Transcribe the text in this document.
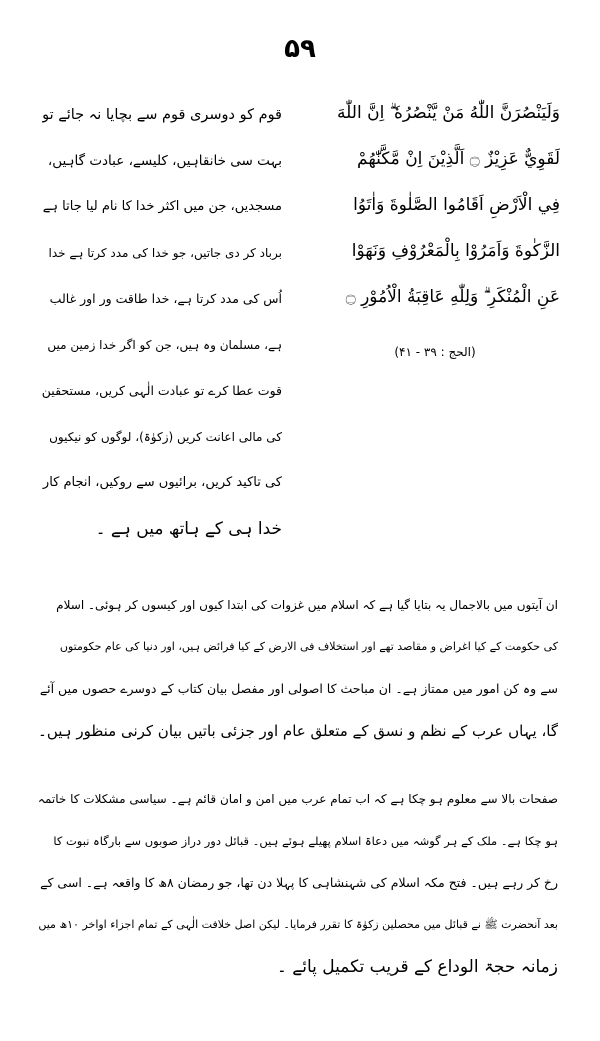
۵۹
وَلَيَنْصُرَنَّ اللّٰهُ مَنْ يَّنْصُرُهٗ ۗ اِنَّ اللّٰهَ
لَقَوِيٌّ عَزِيْزٌ ۝ اَلَّذِيْنَ اِنْ مَّكَّنّٰهُمْ
فِي الْاَرْضِ اَقَامُوا الصَّلٰوةَ وَاٰتَوُا
الزَّكٰوةَ وَاَمَرُوْا بِالْمَعْرُوْفِ وَنَهَوْا
عَنِ الْمُنْكَرِ ۗ وَلِلّٰهِ عَاقِبَةُ الْاُمُوْرِ ۝
(الحج : ۳۹ - ۴۱)
قوم کو دوسری قوم سے بچایا نہ جائے تو
بہت سی خانقاہیں، کلیسے، عبادت گاہیں،
مسجدیں، جن میں اکثر خدا کا نام لیا جاتا ہے
برباد کر دی جاتیں، جو خدا کی مدد کرتا ہے خدا
اُس کی مدد کرتا ہے، خدا طاقت ور اور غالب
ہے، مسلمان وہ ہیں، جن کو اگر خدا زمین میں
قوت عطا کرے تو عبادت الٰہی کریں، مستحقین
کی مالی اعانت کریں (زکوٰۃ)، لوگوں کو نیکیوں
کی تاکید کریں، برائیوں سے روکیں، انجام کار
خدا ہی کے ہاتھ میں ہے ۔
ان آیتوں میں بالاجمال یہ بتایا گیا ہے کہ اسلام میں غزوات کی ابتدا کیوں اور کیسوں کر ہوئی۔ اسلام
کی حکومت کے کیا اغراض و مقاصد تھے اور استخلاف فی الارض کے کیا فرائض ہیں، اور دنیا کی عام حکومتوں
سے وہ کن امور میں ممتاز ہے۔ ان مباحث کا اصولی اور مفصل بیان کتاب کے دوسرے حصوں میں آئے
گا، یہاں عرب کے نظم و نسق کے متعلق عام اور جزئی باتیں بیان کرنی منظور ہیں۔
صفحات بالا سے معلوم ہو چکا ہے کہ اب تمام عرب میں امن و امان قائم ہے۔ سیاسی مشکلات کا خاتمہ
ہو چکا ہے۔ ملک کے ہر گوشہ میں دعاۃ اسلام پھیلے ہوئے ہیں۔ قبائل دور دراز صوبوں سے بارگاہ نبوت کا
رخ کر رہے ہیں۔ فتح مکہ اسلام کی شہنشاہی کا پہلا دن تھا، جو رمضان ۸ھ کا واقعہ ہے۔ اسی کے
بعد آنحضرت ﷺ نے قبائل میں محصلین زکوٰۃ کا تقرر فرمایا۔ لیکن اصل خلافت الٰہی کے تمام اجزاء اواخر ۱۰ھ میں
زمانہ حجۃ الوداع کے قریب تکمیل پائے ۔
